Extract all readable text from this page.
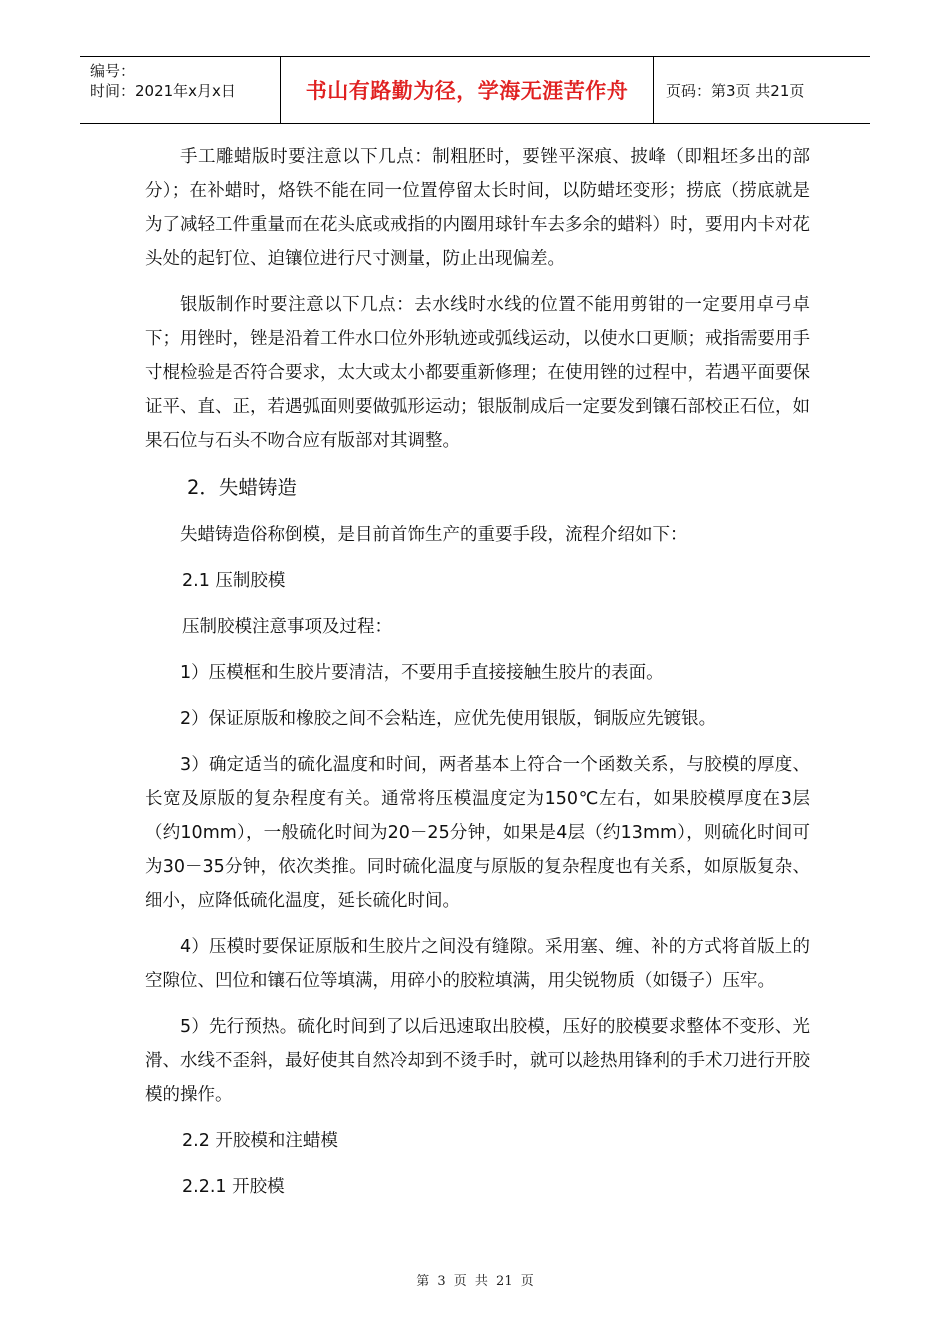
编号：
时间：2021年x月x日	书山有路勤为径，学海无涯苦作舟	页码：第3页 共21页

手工雕蜡版时要注意以下几点：制粗胚时，要锉平深痕、披峰（即粗坯多出的部分）；在补蜡时，烙铁不能在同一位置停留太长时间，以防蜡坯变形；捞底（捞底就是为了减轻工件重量而在花头底或戒指的内圈用球针车去多余的蜡料）时，要用内卡对花头处的起钉位、迫镶位进行尺寸测量，防止出现偏差。

银版制作时要注意以下几点：去水线时水线的位置不能用剪钳的一定要用卓弓卓下；用锉时，锉是沿着工件水口位外形轨迹或弧线运动，以使水口更顺；戒指需要用手寸棍检验是否符合要求，太大或太小都要重新修理；在使用锉的过程中，若遇平面要保证平、直、正，若遇弧面则要做弧形运动；银版制成后一定要发到镶石部校正石位，如果石位与石头不吻合应有版部对其调整。

2．失蜡铸造

失蜡铸造俗称倒模，是目前首饰生产的重要手段，流程介绍如下：

2.1 压制胶模
压制胶模注意事项及过程：

1）压模框和生胶片要清洁，不要用手直接接触生胶片的表面。

2）保证原版和橡胶之间不会粘连，应优先使用银版，铜版应先镀银。

3）确定适当的硫化温度和时间，两者基本上符合一个函数关系，与胶模的厚度、长宽及原版的复杂程度有关。通常将压模温度定为150℃左右，如果胶模厚度在3层（约10mm），一般硫化时间为20－25分钟，如果是4层（约13mm），则硫化时间可为30－35分钟，依次类推。同时硫化温度与原版的复杂程度也有关系，如原版复杂、细小，应降低硫化温度，延长硫化时间。

4）压模时要保证原版和生胶片之间没有缝隙。采用塞、缠、补的方式将首版上的空隙位、凹位和镶石位等填满，用碎小的胶粒填满，用尖锐物质（如镊子）压牢。

5）先行预热。硫化时间到了以后迅速取出胶模，压好的胶模要求整体不变形、光滑、水线不歪斜，最好使其自然冷却到不烫手时，就可以趁热用锋利的手术刀进行开胶模的操作。

2.2 开胶模和注蜡模
2.2.1 开胶模
第 3 页 共 21 页
